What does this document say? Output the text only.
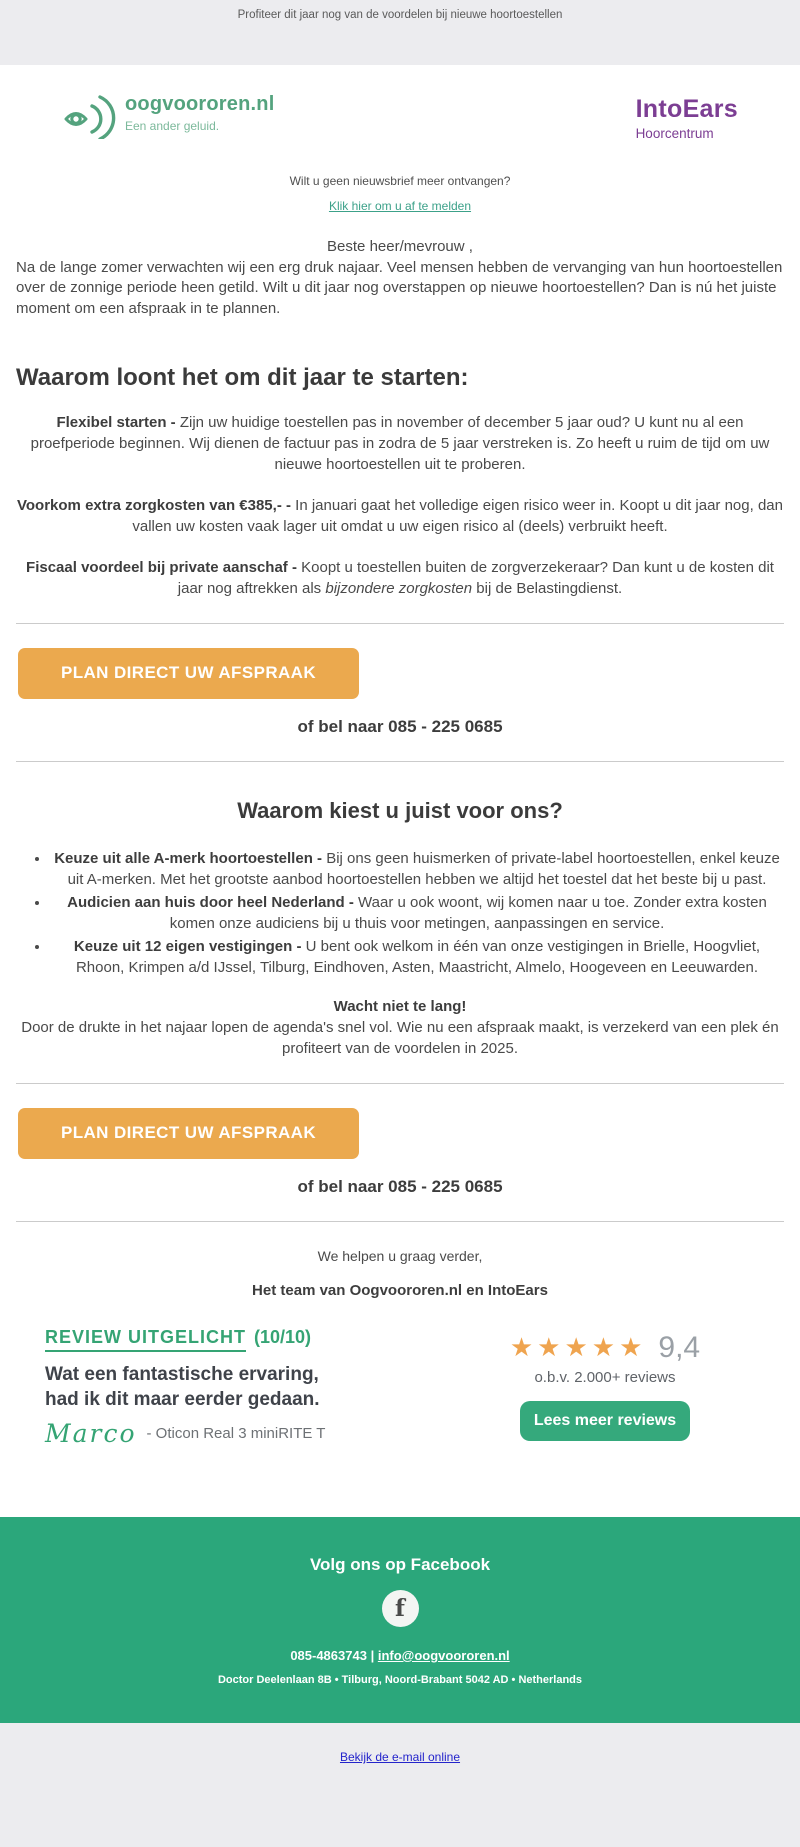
Profiteer dit jaar nog van de voordelen bij nieuwe hoortoestellen
oogvoororen.nl
Een ander geluid.
IntoEars
Hoorcentrum
Wilt u geen nieuwsbrief meer ontvangen?
Klik hier om u af te melden
Beste heer/mevrouw ,
Na de lange zomer verwachten wij een erg druk najaar. Veel mensen hebben de vervanging van hun hoortoestellen over de zonnige periode heen getild. Wilt u dit jaar nog overstappen op nieuwe hoortoestellen? Dan is nú het juiste moment om een afspraak in te plannen.
Waarom loont het om dit jaar te starten:

Flexibel starten - Zijn uw huidige toestellen pas in november of december 5 jaar oud? U kunt nu al een proefperiode beginnen. Wij dienen de factuur pas in zodra de 5 jaar verstreken is. Zo heeft u ruim de tijd om uw nieuwe hoortoestellen uit te proberen.

Voorkom extra zorgkosten van €385,- - In januari gaat het volledige eigen risico weer in. Koopt u dit jaar nog, dan vallen uw kosten vaak lager uit omdat u uw eigen risico al (deels) verbruikt heeft.

Fiscaal voordeel bij private aanschaf - Koopt u toestellen buiten de zorgverzekeraar? Dan kunt u de kosten dit jaar nog aftrekken als bijzondere zorgkosten bij de Belastingdienst.

PLAN DIRECT UW AFSPRAAK
of bel naar 085 - 225 0685
Waarom kiest u juist voor ons?
• Keuze uit alle A-merk hoortoestellen - Bij ons geen huismerken of private-label hoortoestellen, enkel keuze uit A-merken. Met het grootste aanbod hoortoestellen hebben we altijd het toestel dat het beste bij u past.
• Audicien aan huis door heel Nederland - Waar u ook woont, wij komen naar u toe. Zonder extra kosten komen onze audiciens bij u thuis voor metingen, aanpassingen en service.
• Keuze uit 12 eigen vestigingen - U bent ook welkom in één van onze vestigingen in Brielle, Hoogvliet, Rhoon, Krimpen a/d IJssel, Tilburg, Eindhoven, Asten, Maastricht, Almelo, Hoogeveen en Leeuwarden.
Wacht niet te lang!
Door de drukte in het najaar lopen de agenda's snel vol. Wie nu een afspraak maakt, is verzekerd van een plek én profiteert van de voordelen in 2025.
PLAN DIRECT UW AFSPRAAK
of bel naar 085 - 225 0685
We helpen u graag verder,
Het team van Oogvoororen.nl en IntoEars
REVIEW UITGELICHT (10/10)
Wat een fantastische ervaring,
had ik dit maar eerder gedaan.
Marco - Oticon Real 3 miniRITE T
★★★★★ 9,4
o.b.v. 2.000+ reviews
Lees meer reviews
Volg ons op Facebook
f
085-4863743 | info@oogvoororen.nl
Doctor Deelenlaan 8B • Tilburg, Noord-Brabant 5042 AD • Netherlands
Bekijk de e-mail online
